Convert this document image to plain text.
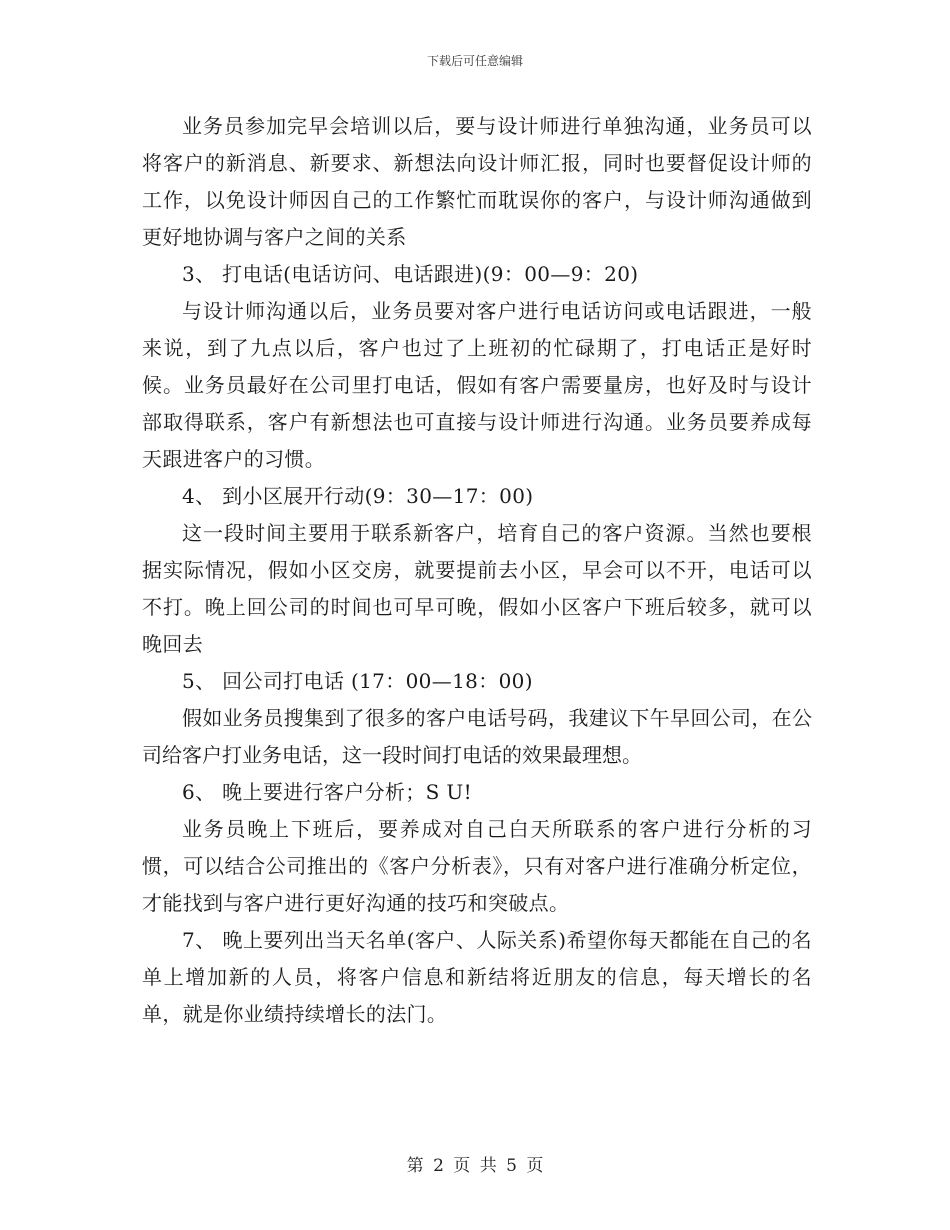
下载后可任意编辑

业务员参加完早会培训以后，要与设计师进行单独沟通，业务员可以将客户的新消息、新要求、新想法向设计师汇报，同时也要督促设计师的工作，以免设计师因自己的工作繁忙而耽误你的客户，与设计师沟通做到更好地协调与客户之间的关系

3、 打电话(电话访问、电话跟进)(9：00—9：20)

与设计师沟通以后，业务员要对客户进行电话访问或电话跟进，一般来说，到了九点以后，客户也过了上班初的忙碌期了，打电话正是好时候。业务员最好在公司里打电话，假如有客户需要量房，也好及时与设计部取得联系，客户有新想法也可直接与设计师进行沟通。业务员要养成每天跟进客户的习惯。

4、 到小区展开行动(9：30—17：00)

这一段时间主要用于联系新客户，培育自己的客户资源。当然也要根据实际情况，假如小区交房，就要提前去小区，早会可以不开，电话可以不打。晚上回公司的时间也可早可晚，假如小区客户下班后较多，就可以晚回去

5、 回公司打电话 (17：00—18：00)

假如业务员搜集到了很多的客户电话号码，我建议下午早回公司，在公司给客户打业务电话，这一段时间打电话的效果最理想。

6、 晚上要进行客户分析；S U!

业务员晚上下班后，要养成对自己白天所联系的客户进行分析的习惯，可以结合公司推出的《客户分析表》，只有对客户进行准确分析定位，才能找到与客户进行更好沟通的技巧和突破点。

7、 晚上要列出当天名单(客户、人际关系)希望你每天都能在自己的名单上增加新的人员，将客户信息和新结将近朋友的信息，每天增长的名单，就是你业绩持续增长的法门。

第 2 页 共 5 页
